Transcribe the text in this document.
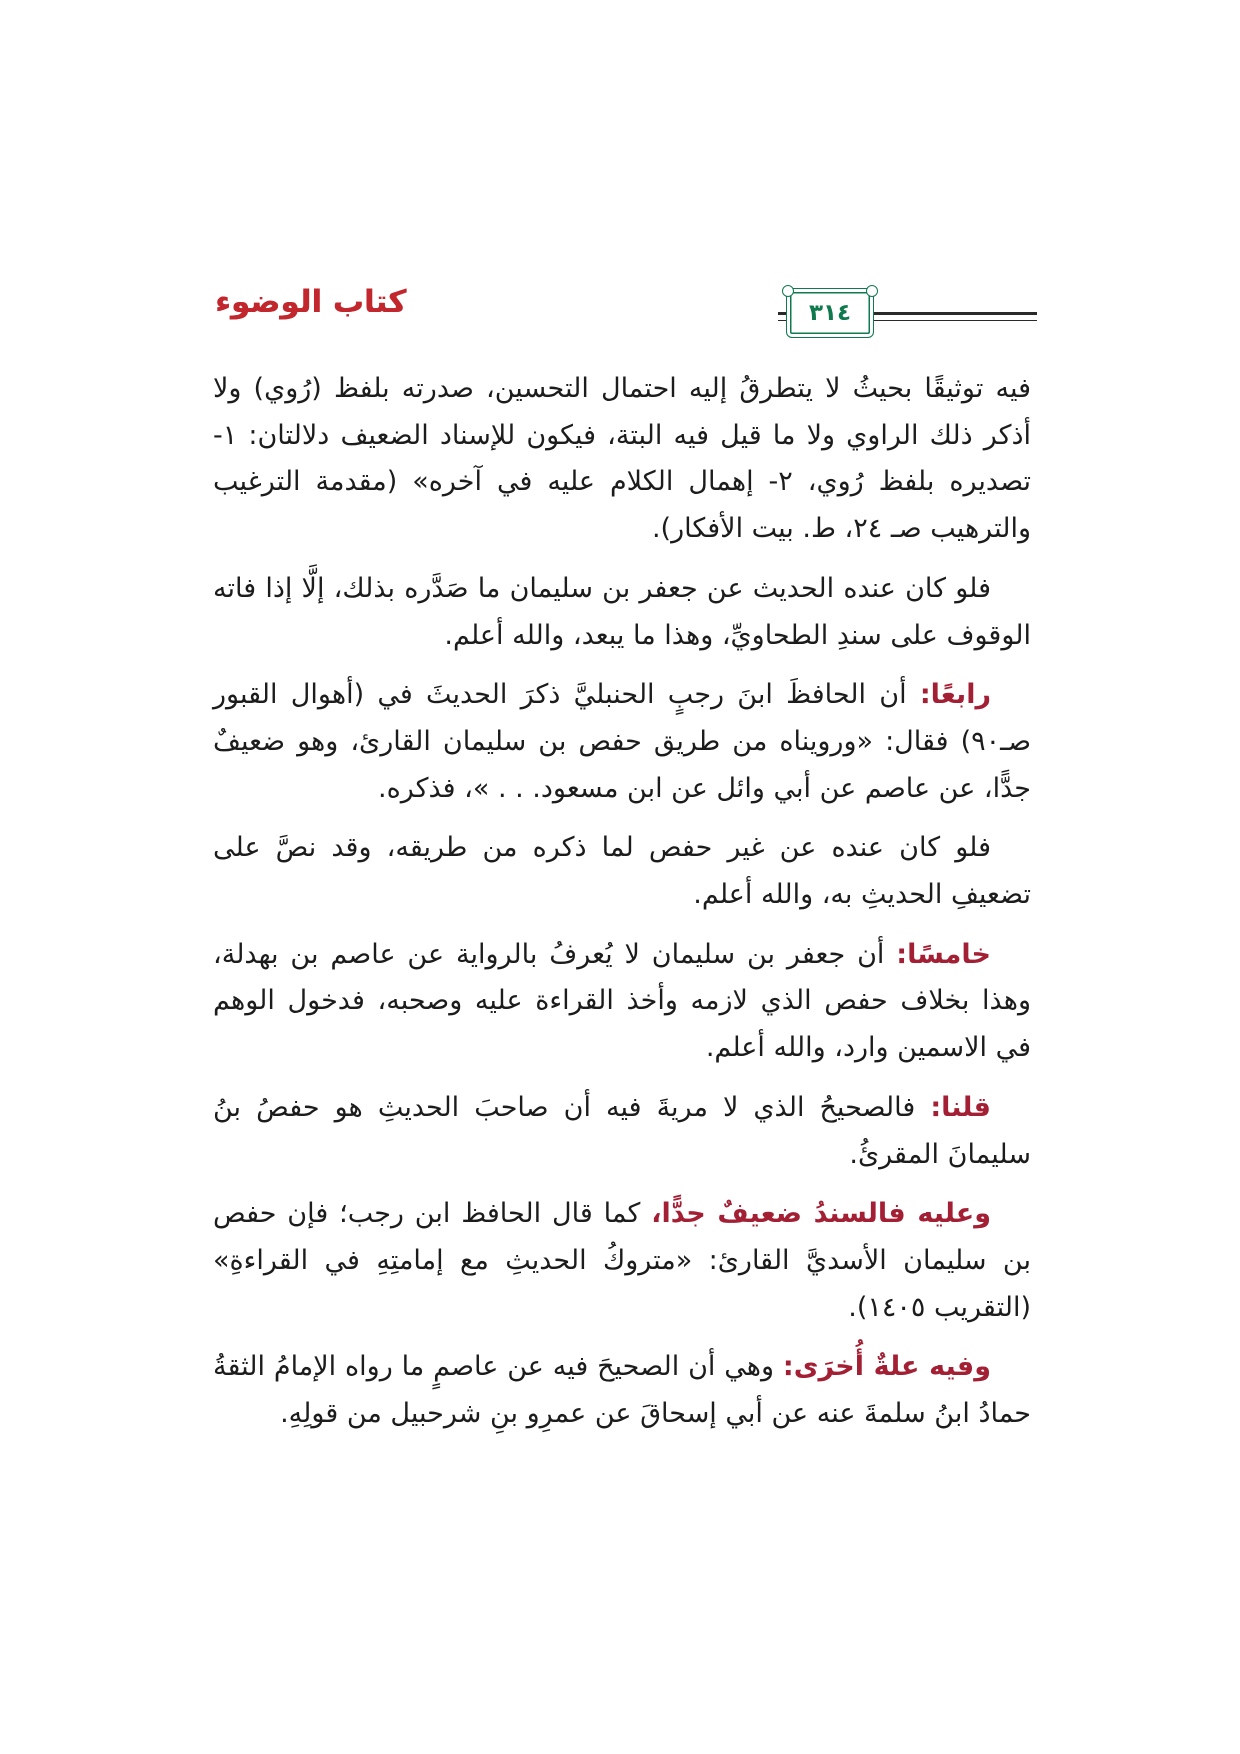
كتاب الوضوء	٣١٤
فيه توثيقًا بحيثُ لا يتطرقُ إليه احتمال التحسين، صدرته بلفظ (رُوي) ولا أذكر ذلك الراوي ولا ما قيل فيه البتة، فيكون للإسناد الضعيف دلالتان: ١- تصديره بلفظ رُوي، ٢- إهمال الكلام عليه في آخره» (مقدمة الترغيب والترهيب صـ ٢٤، ط. بيت الأفكار).
فلو كان عنده الحديث عن جعفر بن سليمان ما صَدَّره بذلك، إلَّا إذا فاته الوقوف على سندِ الطحاويِّ، وهذا ما يبعد، والله أعلم.
رابعًا: أن الحافظَ ابنَ رجبٍ الحنبليَّ ذكرَ الحديثَ في (أهوال القبور صـ٩٠) فقال: «ورويناه من طريق حفص بن سليمان القارئ، وهو ضعيفٌ جدًّا، عن عاصم عن أبي وائل عن ابن مسعود. . . »، فذكره.
فلو كان عنده عن غير حفص لما ذكره من طريقه، وقد نصَّ على تضعيفِ الحديثِ به، والله أعلم.
خامسًا: أن جعفر بن سليمان لا يُعرفُ بالرواية عن عاصم بن بهدلة، وهذا بخلاف حفص الذي لازمه وأخذ القراءة عليه وصحبه، فدخول الوهم في الاسمين وارد، والله أعلم.
قلنا: فالصحيحُ الذي لا مريةَ فيه أن صاحبَ الحديثِ هو حفصُ بنُ سليمانَ المقرئُ.
وعليه فالسندُ ضعيفٌ جدًّا، كما قال الحافظ ابن رجب؛ فإن حفص بن سليمان الأسديَّ القارئ: «متروكُ الحديثِ مع إمامتِهِ في القراءةِ» (التقريب ١٤٠٥).
وفيه علةٌ أُخرَى: وهي أن الصحيحَ فيه عن عاصمٍ ما رواه الإمامُ الثقةُ حمادُ ابنُ سلمةَ عنه عن أبي إسحاقَ عن عمرِو بنِ شرحبيل من قولِهِ.
